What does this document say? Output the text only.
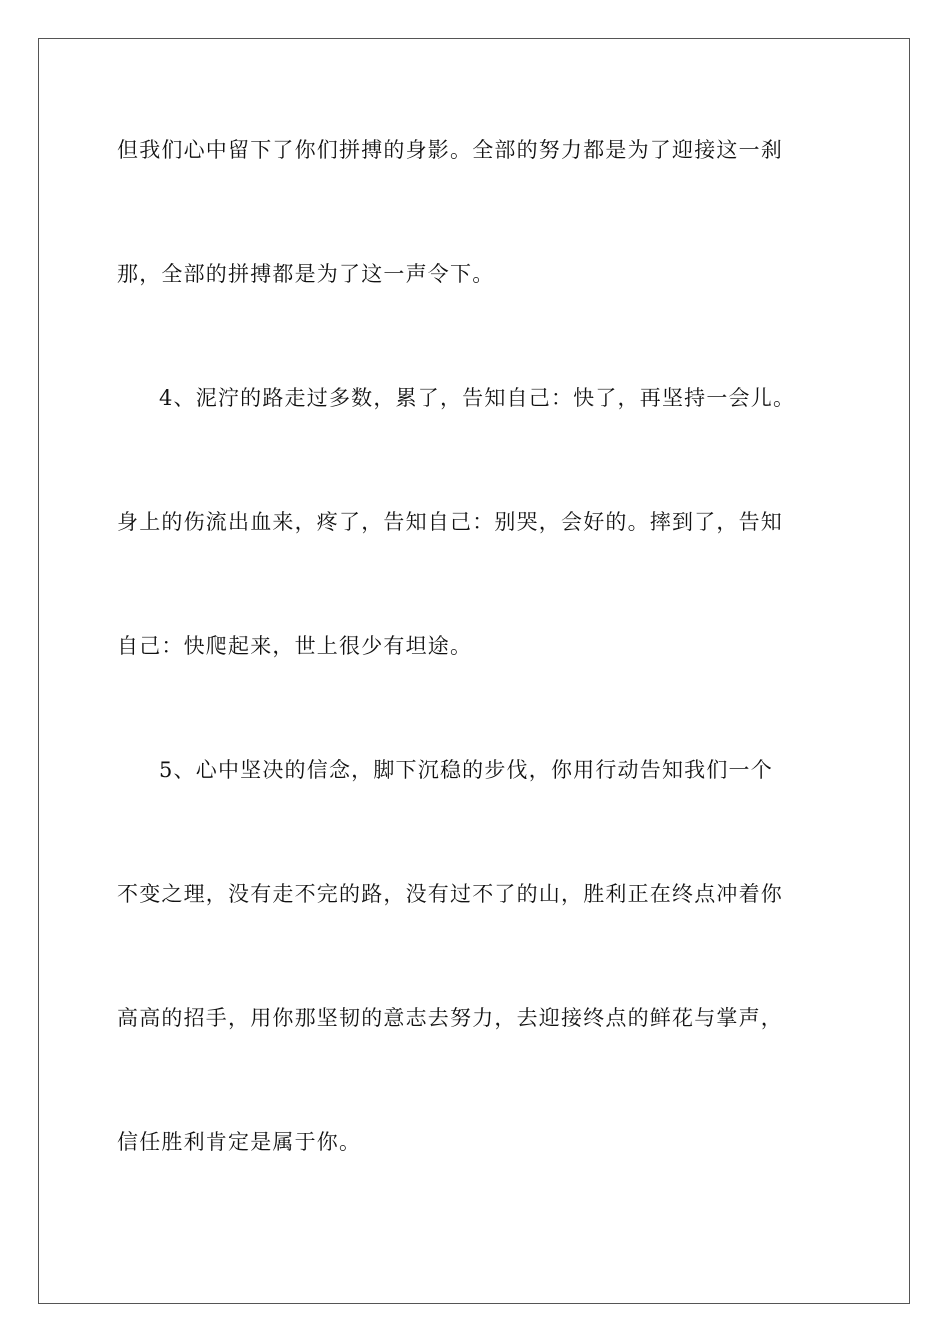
但我们心中留下了你们拼搏的身影。全部的努力都是为了迎接这一刹
那，全部的拼搏都是为了这一声令下。
4、泥泞的路走过多数，累了，告知自己：快了，再坚持一会儿。
身上的伤流出血来，疼了，告知自己：别哭，会好的。摔到了，告知
自己：快爬起来，世上很少有坦途。
5、心中坚决的信念，脚下沉稳的步伐，你用行动告知我们一个
不变之理，没有走不完的路，没有过不了的山，胜利正在终点冲着你
高高的招手，用你那坚韧的意志去努力，去迎接终点的鲜花与掌声，
信任胜利肯定是属于你。
